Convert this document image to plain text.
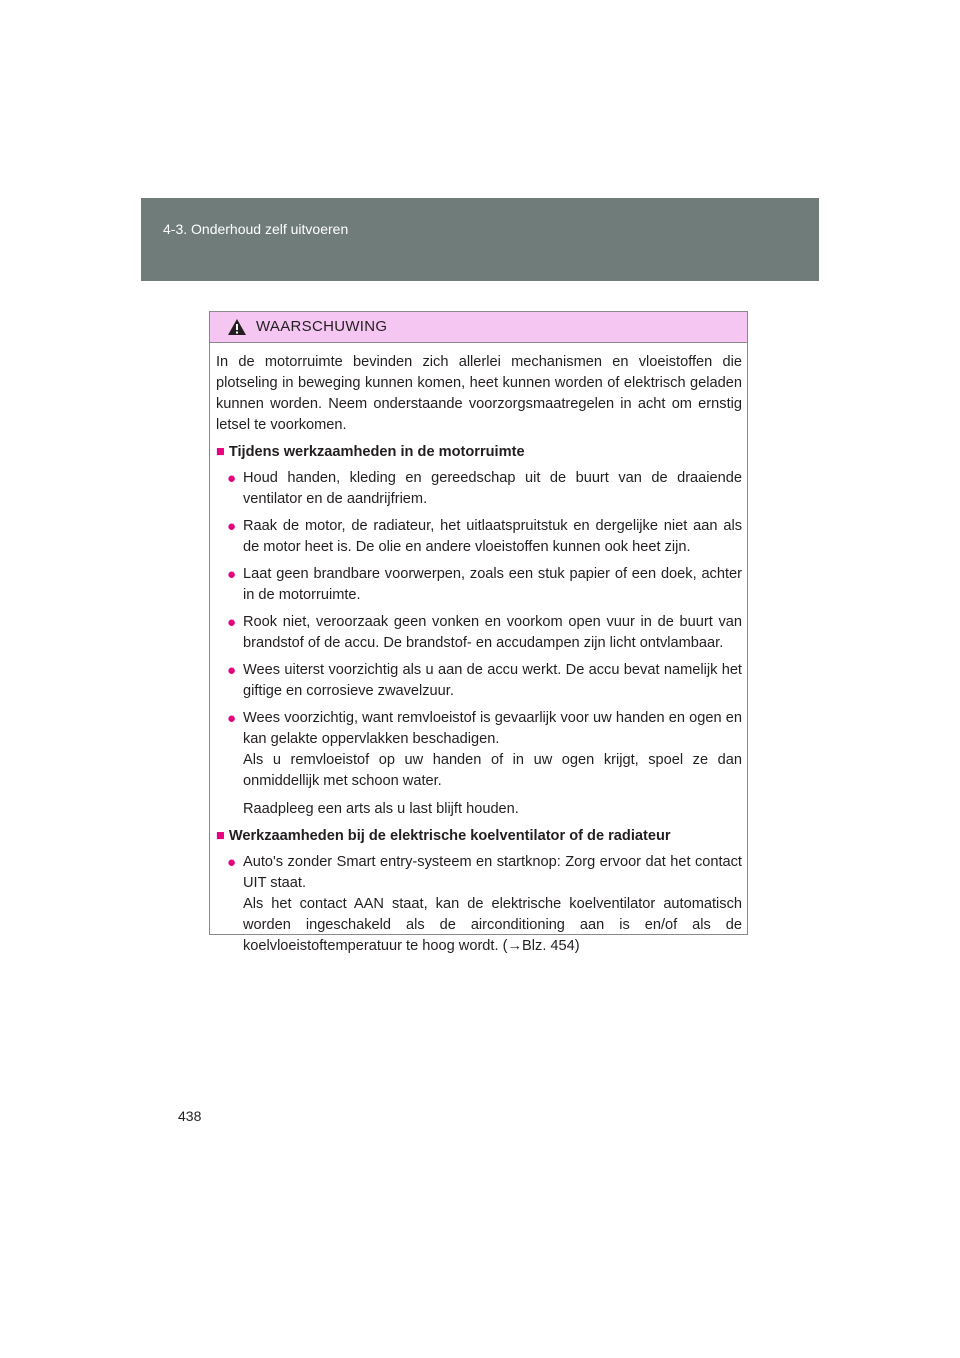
4-3. Onderhoud zelf uitvoeren
WAARSCHUWING

In de motorruimte bevinden zich allerlei mechanismen en vloeistoffen die plotseling in beweging kunnen komen, heet kunnen worden of elektrisch geladen kunnen worden. Neem onderstaande voorzorgsmaatregelen in acht om ernstig letsel te voorkomen.

■ Tijdens werkzaamheden in de motorruimte
● Houd handen, kleding en gereedschap uit de buurt van de draaiende ventilator en de aandrijfriem.

● Raak de motor, de radiateur, het uitlaatspruitstuk en dergelijke niet aan als de motor heet is. De olie en andere vloeistoffen kunnen ook heet zijn.

● Laat geen brandbare voorwerpen, zoals een stuk papier of een doek, achter in de motorruimte.

● Rook niet, veroorzaak geen vonken en voorkom open vuur in de buurt van brandstof of de accu. De brandstof- en accudampen zijn licht ontvlambaar.

● Wees uiterst voorzichtig als u aan de accu werkt. De accu bevat namelijk het giftige en corrosieve zwavelzuur.

● Wees voorzichtig, want remvloeistof is gevaarlijk voor uw handen en ogen en kan gelakte oppervlakken beschadigen.

Als u remvloeistof op uw handen of in uw ogen krijgt, spoel ze dan onmiddellijk met schoon water.

Raadpleeg een arts als u last blijft houden.

■ Werkzaamheden bij de elektrische koelventilator of de radiateur
● Auto's zonder Smart entry-systeem en startknop: Zorg ervoor dat het contact UIT staat.

Als het contact AAN staat, kan de elektrische koelventilator automatisch worden ingeschakeld als de airconditioning aan is en/of als de koelvloeistoftemperatuur te hoog wordt. (→Blz. 454)

438
